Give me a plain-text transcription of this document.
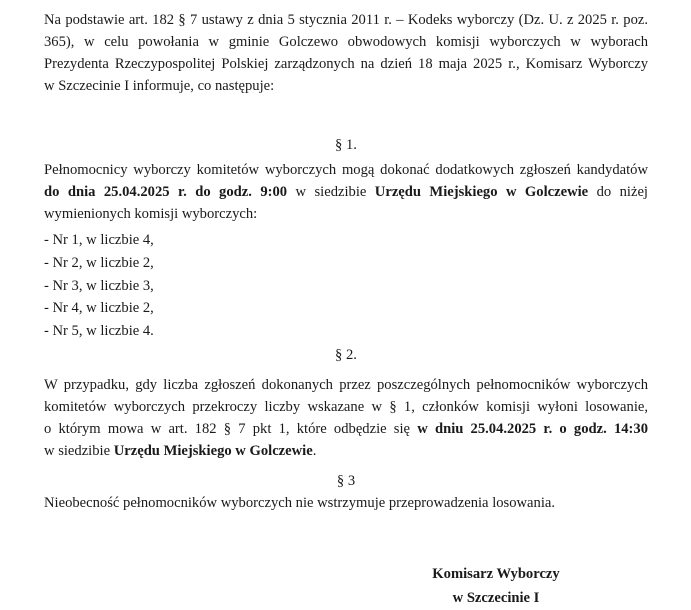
Na podstawie art. 182 § 7 ustawy z dnia 5 stycznia 2011 r. – Kodeks wyborczy (Dz. U. z 2025 r. poz.
365), w celu powołania w gminie Golczewo obwodowych komisji wyborczych w wyborach
Prezydenta Rzeczypospolitej Polskiej zarządzonych na dzień 18 maja 2025 r., Komisarz Wyborczy
w Szczecinie I informuje, co następuje:

§ 1.

Pełnomocnicy wyborczy komitetów wyborczych mogą dokonać dodatkowych zgłoszeń kandydatów
do dnia 25.04.2025 r. do godz. 9:00 w siedzibie Urzędu Miejskiego w Golczewie do niżej
wymienionych komisji wyborczych:

- Nr 1, w liczbie 4,
- Nr 2, w liczbie 2,
- Nr 3, w liczbie 3,
- Nr 4, w liczbie 2,
- Nr 5, w liczbie 4.
§ 2.

W przypadku, gdy liczba zgłoszeń dokonanych przez poszczególnych pełnomocników wyborczych
komitetów wyborczych przekroczy liczby wskazane w § 1, członków komisji wyłoni losowanie,
o którym mowa w art. 182 § 7 pkt 1, które odbędzie się w dniu 25.04.2025 r. o godz. 14:30
w siedzibie Urzędu Miejskiego w Golczewie.

§ 3
Nieobecność pełnomocników wyborczych nie wstrzymuje przeprowadzenia losowania.
Komisarz Wyborczy
w Szczecinie I
